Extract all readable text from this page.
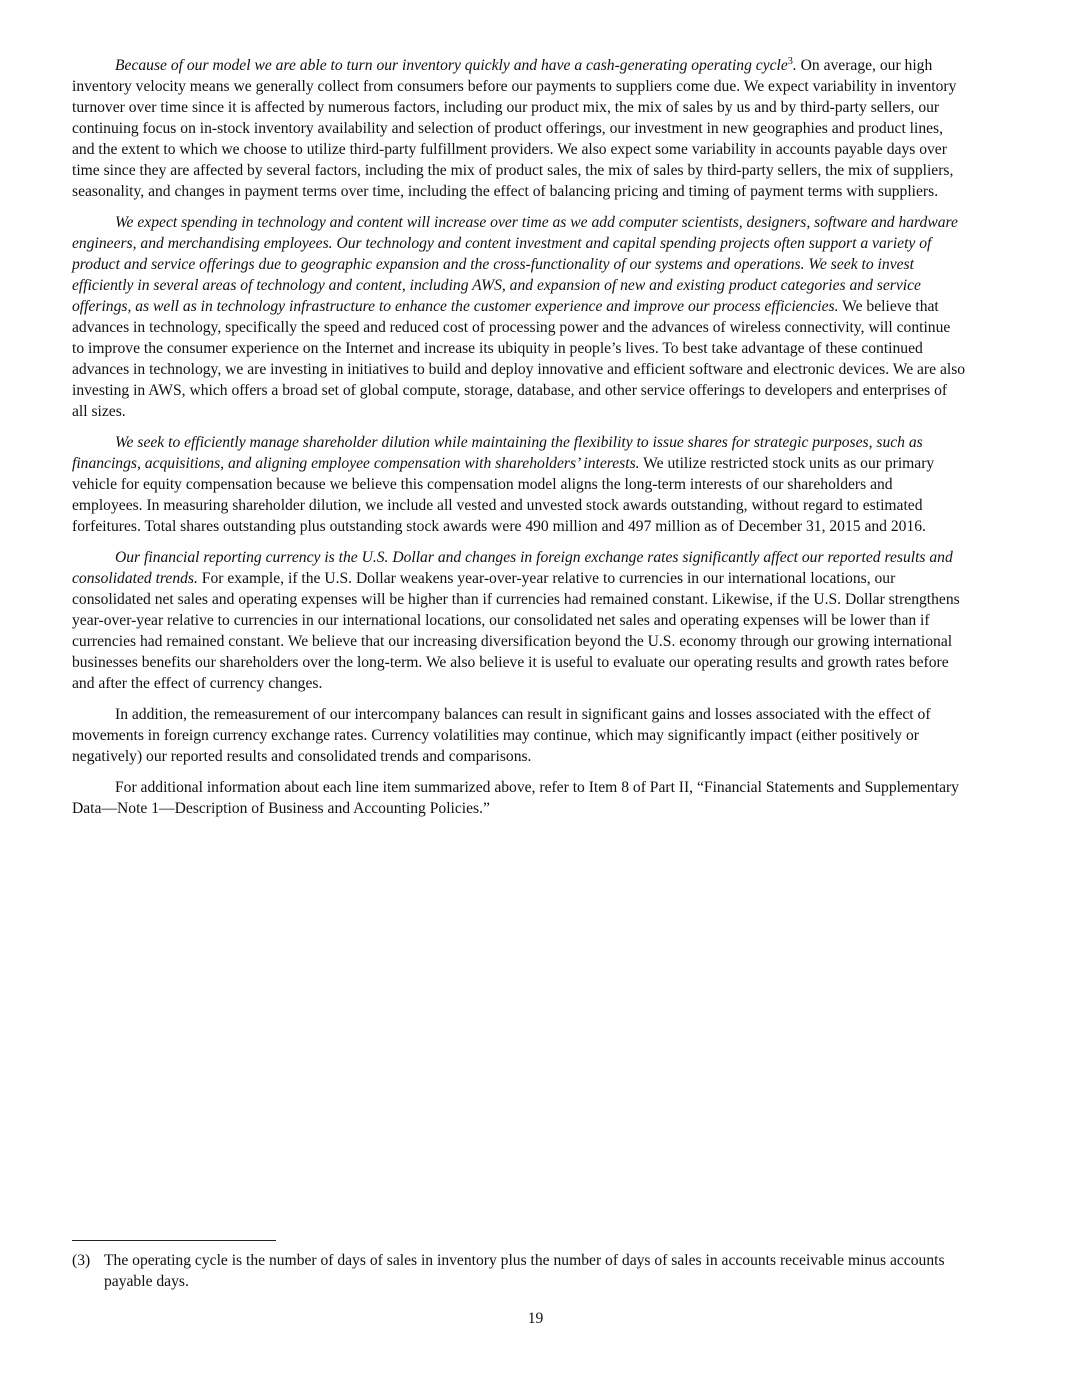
Because of our model we are able to turn our inventory quickly and have a cash-generating operating cycle$^3$. On average, our high inventory velocity means we generally collect from consumers before our payments to suppliers come due. We expect variability in inventory turnover over time since it is affected by numerous factors, including our product mix, the mix of sales by us and by third-party sellers, our continuing focus on in-stock inventory availability and selection of product offerings, our investment in new geographies and product lines, and the extent to which we choose to utilize third-party fulfillment providers. We also expect some variability in accounts payable days over time since they are affected by several factors, including the mix of product sales, the mix of sales by third-party sellers, the mix of suppliers, seasonality, and changes in payment terms over time, including the effect of balancing pricing and timing of payment terms with suppliers.

We expect spending in technology and content will increase over time as we add computer scientists, designers, software and hardware engineers, and merchandising employees. Our technology and content investment and capital spending projects often support a variety of product and service offerings due to geographic expansion and the cross-functionality of our systems and operations. We seek to invest efficiently in several areas of technology and content, including AWS, and expansion of new and existing product categories and service offerings, as well as in technology infrastructure to enhance the customer experience and improve our process efficiencies. We believe that advances in technology, specifically the speed and reduced cost of processing power and the advances of wireless connectivity, will continue to improve the consumer experience on the Internet and increase its ubiquity in people’s lives. To best take advantage of these continued advances in technology, we are investing in initiatives to build and deploy innovative and efficient software and electronic devices. We are also investing in AWS, which offers a broad set of global compute, storage, database, and other service offerings to developers and enterprises of all sizes.

We seek to efficiently manage shareholder dilution while maintaining the flexibility to issue shares for strategic purposes, such as financings, acquisitions, and aligning employee compensation with shareholders’ interests. We utilize restricted stock units as our primary vehicle for equity compensation because we believe this compensation model aligns the long-term interests of our shareholders and employees. In measuring shareholder dilution, we include all vested and unvested stock awards outstanding, without regard to estimated forfeitures. Total shares outstanding plus outstanding stock awards were 490 million and 497 million as of December 31, 2015 and 2016.

Our financial reporting currency is the U.S. Dollar and changes in foreign exchange rates significantly affect our reported results and consolidated trends. For example, if the U.S. Dollar weakens year-over-year relative to currencies in our international locations, our consolidated net sales and operating expenses will be higher than if currencies had remained constant. Likewise, if the U.S. Dollar strengthens year-over-year relative to currencies in our international locations, our consolidated net sales and operating expenses will be lower than if currencies had remained constant. We believe that our increasing diversification beyond the U.S. economy through our growing international businesses benefits our shareholders over the long-term. We also believe it is useful to evaluate our operating results and growth rates before and after the effect of currency changes.

In addition, the remeasurement of our intercompany balances can result in significant gains and losses associated with the effect of movements in foreign currency exchange rates. Currency volatilities may continue, which may significantly impact (either positively or negatively) our reported results and consolidated trends and comparisons.

For additional information about each line item summarized above, refer to Item 8 of Part II, “Financial Statements and Supplementary Data—Note 1—Description of Business and Accounting Policies.”

(3) The operating cycle is the number of days of sales in inventory plus the number of days of sales in accounts receivable minus accounts payable days.
19
